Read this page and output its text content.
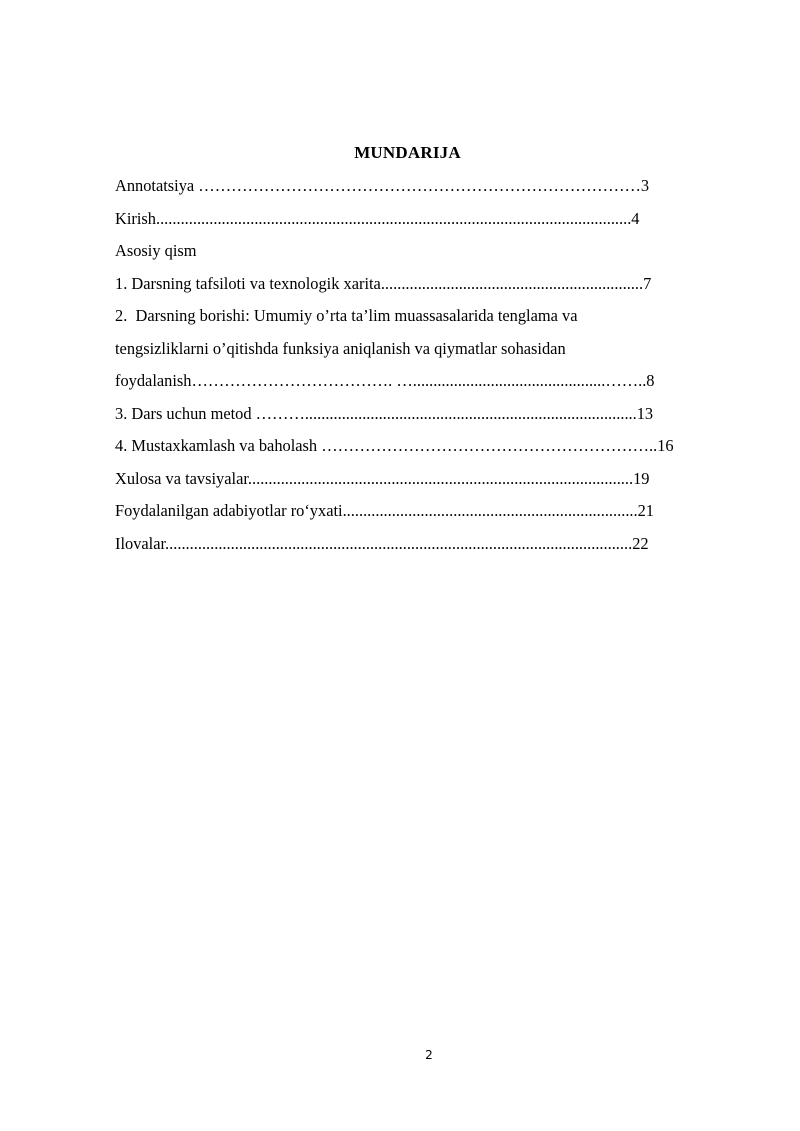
MUNDARIJA
Annotatsiya ………………………………………………………………………3
Kirish....................................................................................................................4
Asosiy qism
1. Darsning tafsiloti va texnologik xarita................................................................7
2.  Darsning borishi: Umumiy o’rta ta’lim muassasalarida tenglama va
tengsizliklarni o’qitishda funksiya aniqlanish va qiymatlar sohasidan
foydalanish………………………………. …...............................................……..8
3. Dars uchun metod ……….................................................................................13
4. Mustaxkamlash va baholash ……………………………………………………..16
Xulosa va tavsiyalar..............................................................................................19
Foydalanilgan adabiyotlar ro‘yxati........................................................................21
Ilovalar..................................................................................................................22
2
